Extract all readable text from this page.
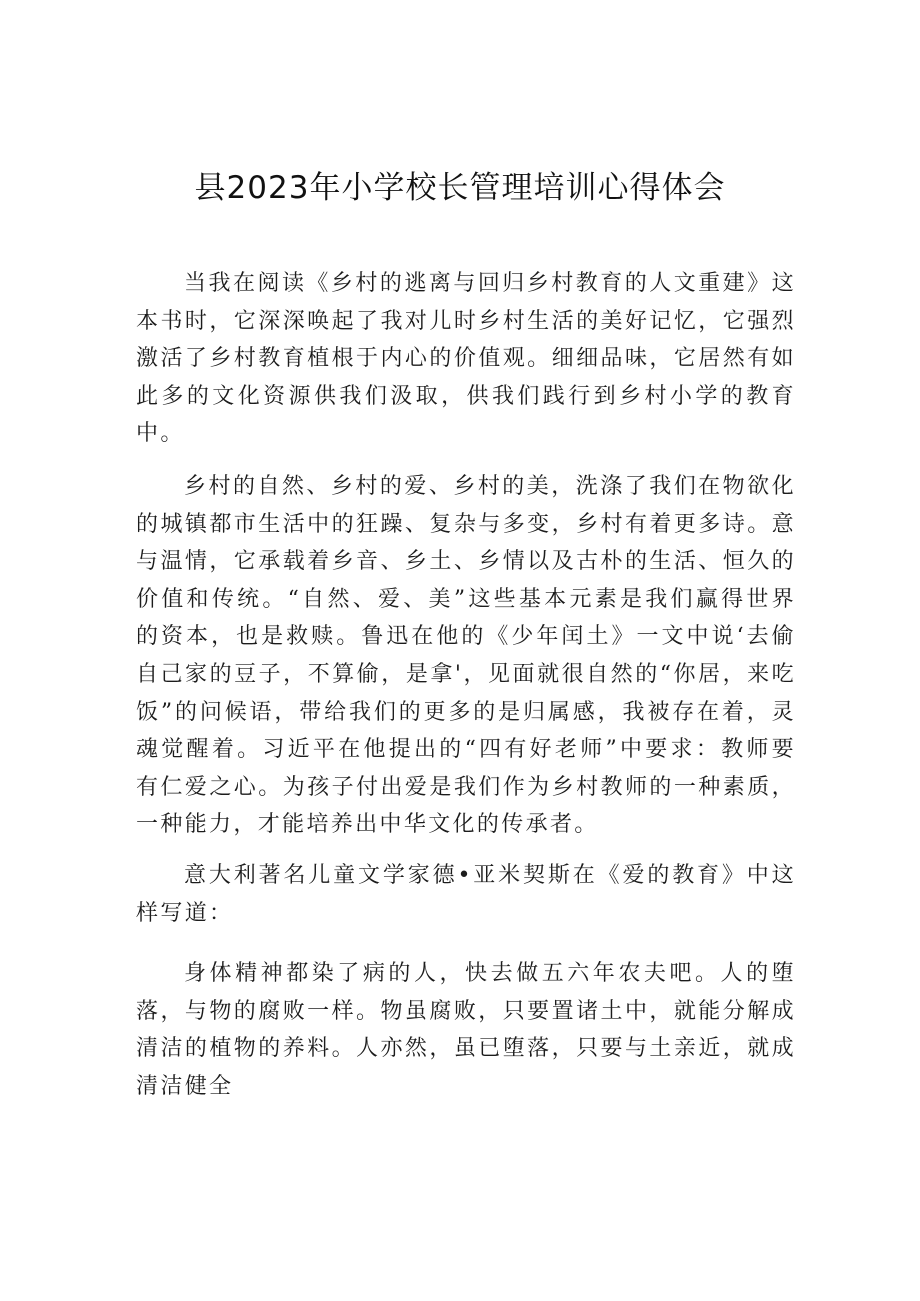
县2023年小学校长管理培训心得体会

当我在阅读《乡村的逃离与回归乡村教育的人文重建》这本书时，它深深唤起了我对儿时乡村生活的美好记忆，它强烈激活了乡村教育植根于内心的价值观。细细品味，它居然有如此多的文化资源供我们汲取，供我们践行到乡村小学的教育中。

乡村的自然、乡村的爱、乡村的美，洗涤了我们在物欲化的城镇都市生活中的狂躁、复杂与多变，乡村有着更多诗。意与温情，它承载着乡音、乡土、乡情以及古朴的生活、恒久的价值和传统。“自然、爱、美”这些基本元素是我们赢得世界的资本，也是救赎。鲁迅在他的《少年闰土》一文中说‘去偷自己家的豆子，不算偷，是拿'，见面就很自然的“你居，来吃饭”的问候语，带给我们的更多的是归属感，我被存在着，灵魂觉醒着。习近平在他提出的“四有好老师”中要求：教师要有仁爱之心。为孩子付出爱是我们作为乡村教师的一种素质，一种能力，才能培养出中华文化的传承者。

意大利著名儿童文学家德•亚米契斯在《爱的教育》中这样写道：

身体精神都染了病的人，快去做五六年农夫吧。人的堕落，与物的腐败一样。物虽腐败，只要置诸土中，就能分解成清洁的植物的养料。人亦然，虽已堕落，只要与土亲近，就成清洁健全
